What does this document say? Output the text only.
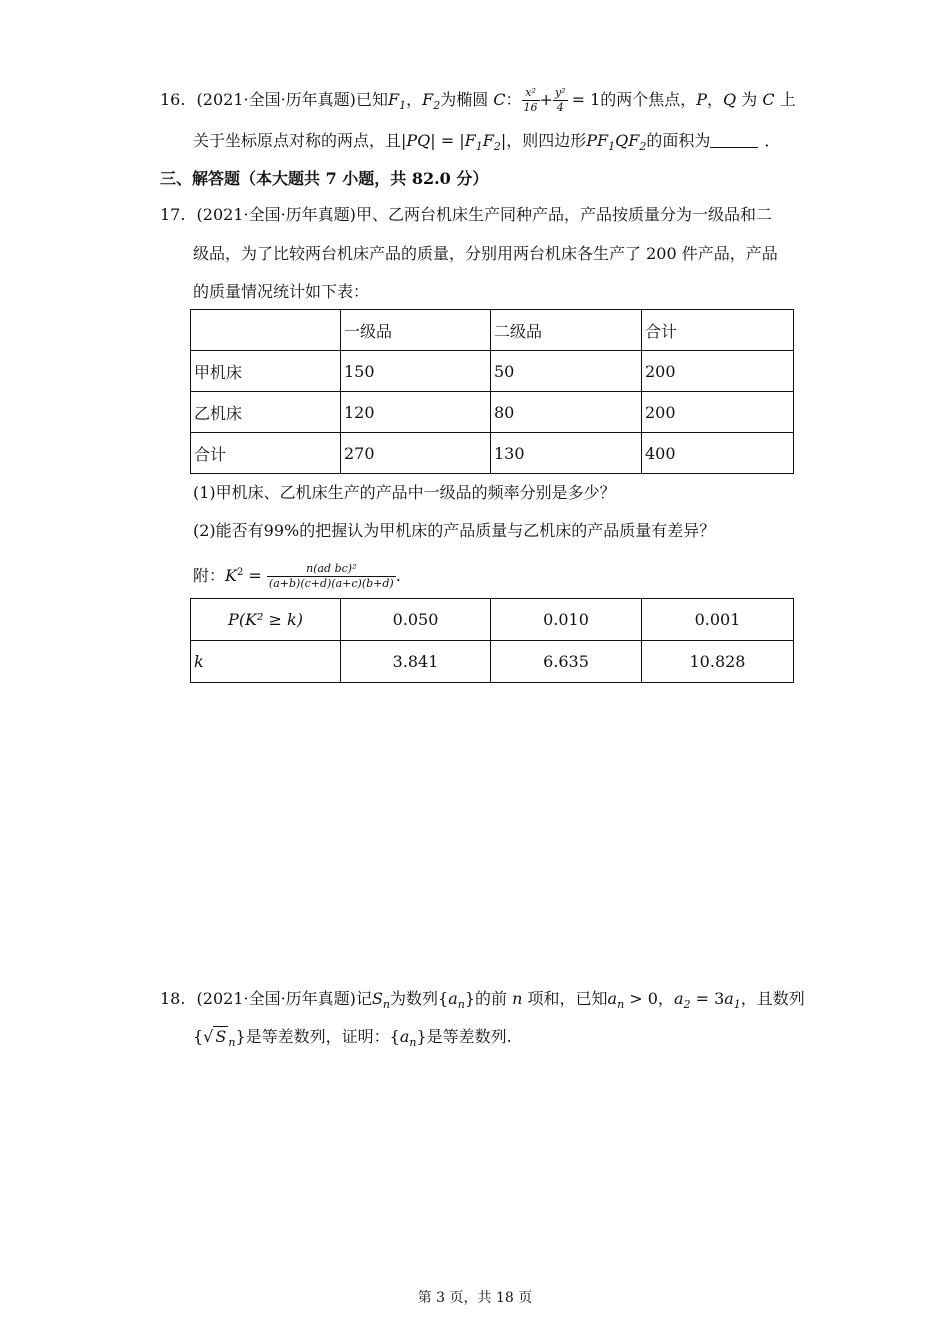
16. (2021·全国·历年真题)已知$F_1$，$F_2$为椭圆 C： $\frac{\text{x²}}{16} + \frac{\text{y²}}{4} = 1$的两个焦点，P，Q 为 C 上
关于坐标原点对称的两点，且$|PQ| = |F_1F_2|$，则四边形$PF_1QF_2$的面积为	．
三、解答题（本大题共 7 小题，共 82.0 分）
17. (2021·全国·历年真题)甲、乙两台机床生产同种产品，产品按质量分为一级品和二
级品，为了比较两台机床产品的质量，分别用两台机床各生产了 200 件产品，产品
的质量情况统计如下表：
	一级品	二级品	合计
甲机床	150	50	200
乙机床	120	80	200
合计	270	130	400
(1)甲机床、乙机床生产的产品中一级品的频率分别是多少？
(2)能否有99%的把握认为甲机床的产品质量与乙机床的产品质量有差异？
附：$K^2 = \frac{\text{n(ad bc)²}}{(a+b)(c+d)(a+c)(b+d)}$ .
P(K² ≥ k)	0.050	0.010	0.001
k	3.841	6.635	10.828
18. (2021·全国·历年真题)记$S_n$为数列$\{a_n\}$的前 n 项和，已知$a_n > 0$，$a_2 = 3a_1$，且数列
{√ S $_n$}是等差数列，证明：$\{a_n\}$是等差数列.
第 3 页，共 18 页
